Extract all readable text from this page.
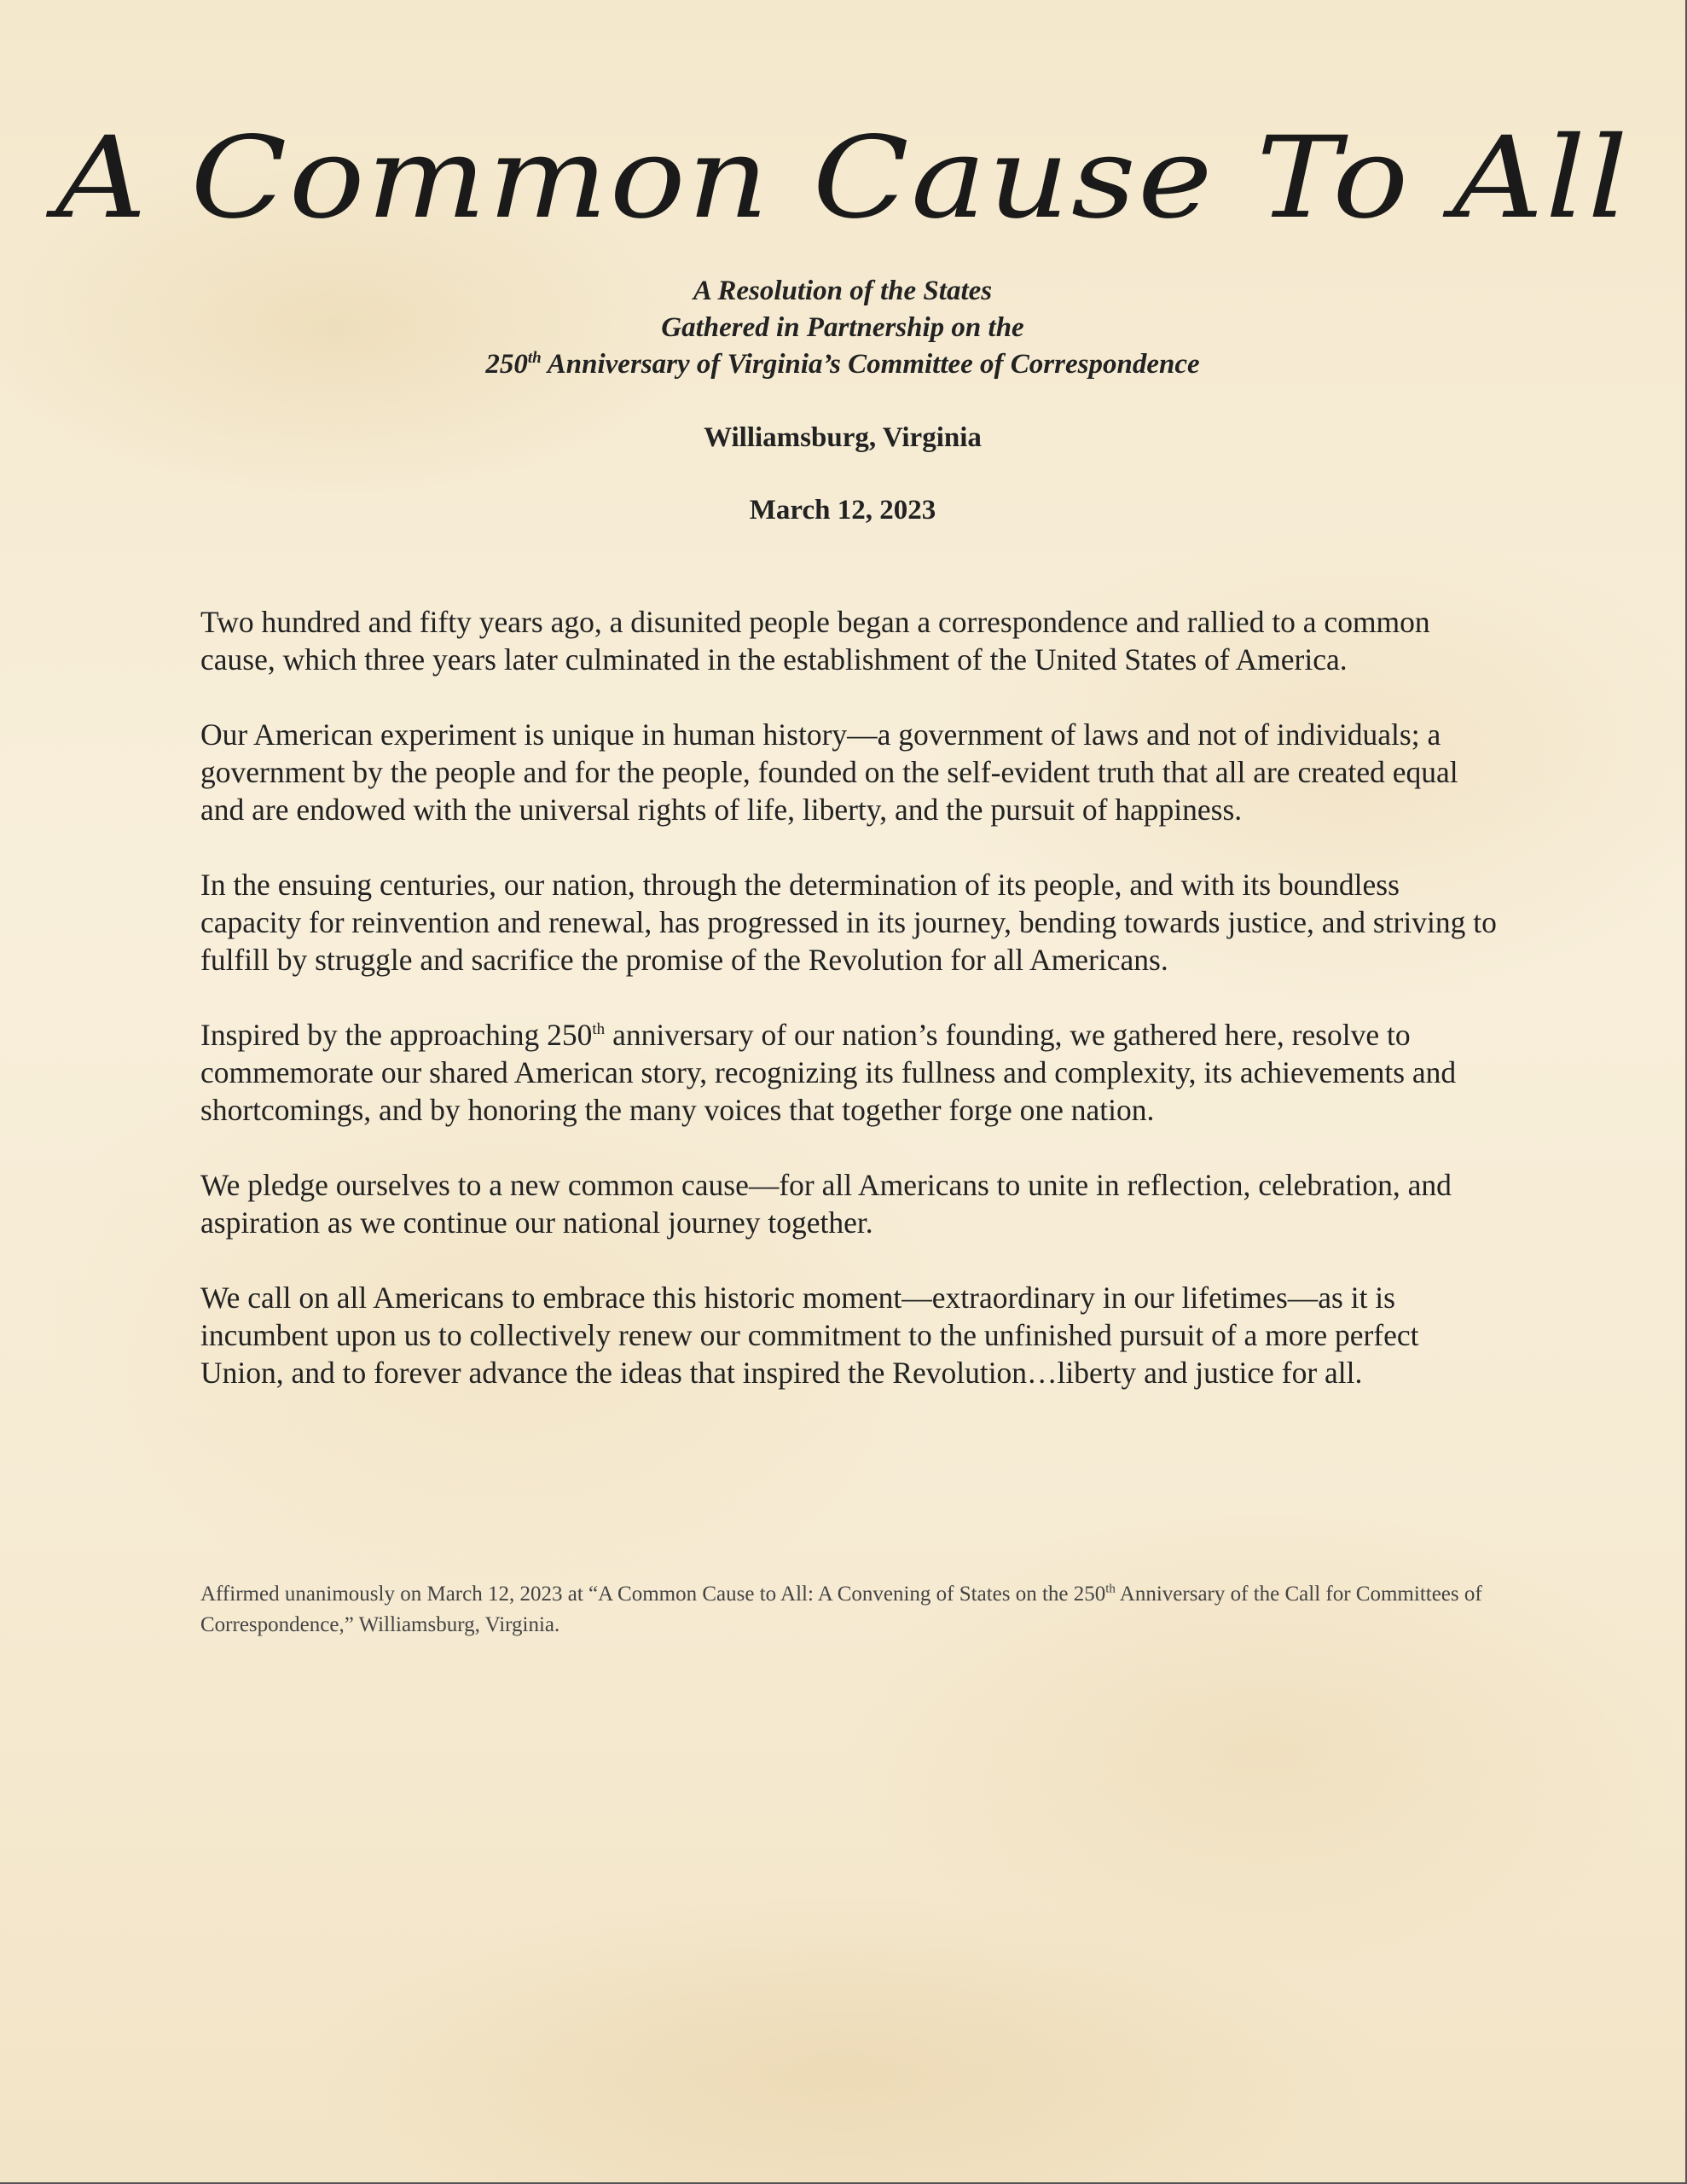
A Common Cause To All
A Resolution of the States
Gathered in Partnership on the
250th Anniversary of Virginia’s Committee of Correspondence
Williamsburg, Virginia
March 12, 2023

Two hundred and fifty years ago, a disunited people began a correspondence and rallied to a common cause, which three years later culminated in the establishment of the United States of America.

Our American experiment is unique in human history—a government of laws and not of individuals; a government by the people and for the people, founded on the self-evident truth that all are created equal and are endowed with the universal rights of life, liberty, and the pursuit of happiness.

In the ensuing centuries, our nation, through the determination of its people, and with its boundless capacity for reinvention and renewal, has progressed in its journey, bending towards justice, and striving to fulfill by struggle and sacrifice the promise of the Revolution for all Americans.

Inspired by the approaching 250th anniversary of our nation’s founding, we gathered here, resolve to commemorate our shared American story, recognizing its fullness and complexity, its achievements and shortcomings, and by honoring the many voices that together forge one nation.

We pledge ourselves to a new common cause—for all Americans to unite in reflection, celebration, and aspiration as we continue our national journey together.

We call on all Americans to embrace this historic moment—extraordinary in our lifetimes—as it is incumbent upon us to collectively renew our commitment to the unfinished pursuit of a more perfect Union, and to forever advance the ideas that inspired the Revolution…liberty and justice for all.

Affirmed unanimously on March 12, 2023 at “A Common Cause to All: A Convening of States on the 250th Anniversary of the Call for Committees of Correspondence,” Williamsburg, Virginia.
